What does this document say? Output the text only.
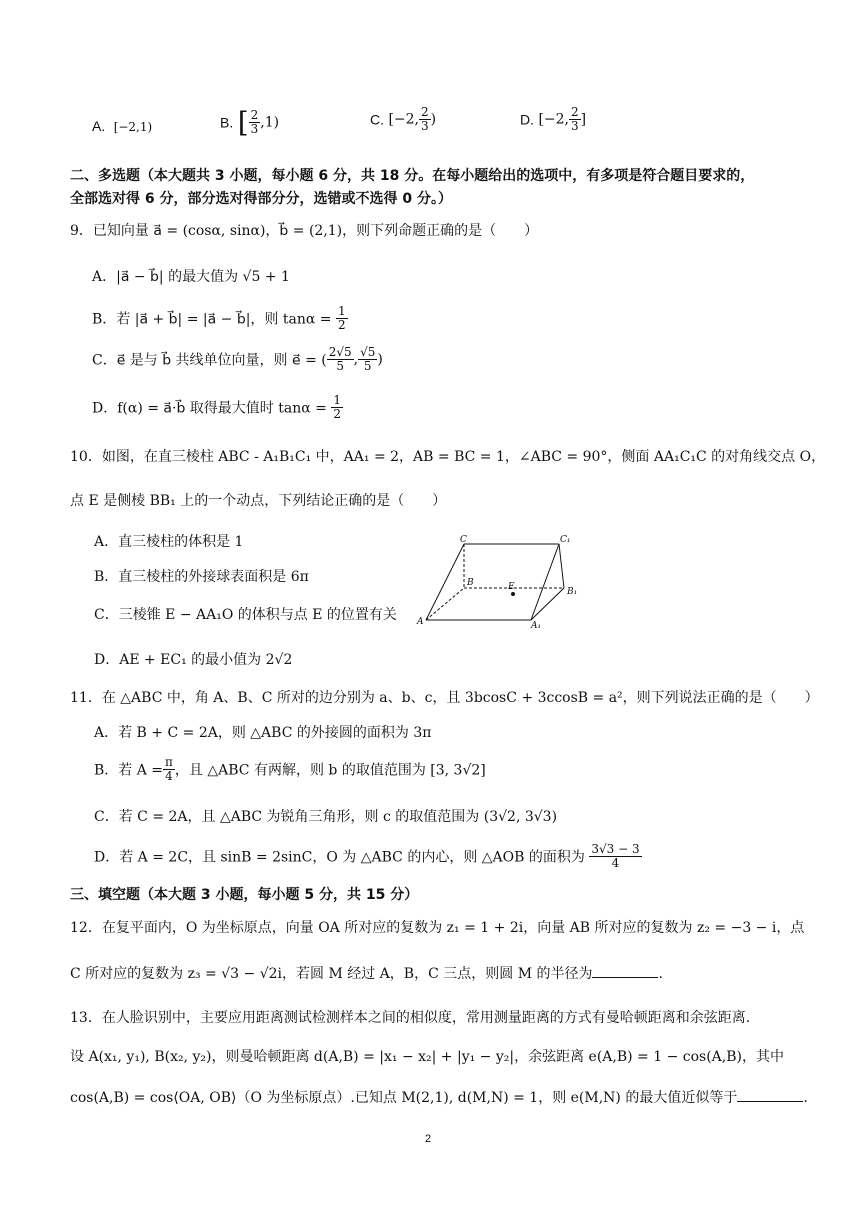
A. [−2,1)	B. [ $\frac{2}{3} ,1$)	C. [−2, $\frac{2}{3}$ )	D. [−2, $\frac{2}{3}$ ]
二、多选题（本大题共 3 小题，每小题 6 分，共 18 分。在每小题给出的选项中，有多项是符合题目要求的，
全部选对得 6 分，部分选对得部分分，选错或不选得 0 分。）
9．已知向量 a⃗ = (cosα, sinα)，b⃗ = (2,1)，则下列命题正确的是（　　）
A．|a⃗ − b⃗| 的最大值为 √5 + 1
B．若 |a⃗ + b⃗| = |a⃗ − b⃗|，则 $\tan\alpha = \frac{1}{2}$
C．e⃗ 是与 b⃗ 共线单位向量，则 e⃗ = ( $\frac{2√5}{5}$ , $\frac{√5}{5}$ )
D．f(α) = a⃗·b⃗ 取得最大值时 $\tan\alpha = \frac{1}{2}$
10．如图，在直三棱柱 ABC - A₁B₁C₁ 中，AA₁ = 2，AB = BC = 1，∠ABC = 90°，侧面 AA₁C₁C 的对角线交点 O，
点 E 是侧棱 BB₁ 上的一个动点，下列结论正确的是（　　）
A．直三棱柱的体积是 1
B．直三棱柱的外接球表面积是 6π
C．三棱锥 E − AA₁O 的体积与点 E 的位置有关
D．AE + EC₁ 的最小值为 2√2
C	C₁
B	E	B₁
A	A₁
11．在 △ABC 中，角 A、B、C 所对的边分别为 a、b、c，且 3bcosC + 3ccosB = a²，则下列说法正确的是（　　）
A．若 B + C = 2A，则 △ABC 的外接圆的面积为 3π
B．若 $A = \frac{\pi}{4}$ ，且 △ABC 有两解，则 b 的取值范围为 [3, 3√2]
C．若 C = 2A，且 △ABC 为锐角三角形，则 c 的取值范围为 (3√2, 3√3)
D．若 A = 2C，且 sinB = 2sinC，O 为 △ABC 的内心，则 △AOB 的面积为 $\frac{3√3 - 3}{4}$
三、填空题（本大题 3 小题，每小题 5 分，共 15 分）
12．在复平面内，O 为坐标原点，向量 OA 所对应的复数为 z₁ = 1 + 2i，向量 AB 所对应的复数为 z₂ = −3 − i，点
C 所对应的复数为 z₃ = √3 − √2i，若圆 M 经过 A，B，C 三点，则圆 M 的半径为	.
13．在人脸识别中，主要应用距离测试检测样本之间的相似度，常用测量距离的方式有曼哈顿距离和余弦距离.
设 A(x₁, y₁), B(x₂, y₂)，则曼哈顿距离 d(A,B) = |x₁ − x₂| + |y₁ − y₂|，余弦距离 e(A,B) = 1 − cos(A,B)，其中
cos(A,B) = cos⟨OA, OB⟩（O 为坐标原点）.已知点 M(2,1), d(M,N) = 1，则 e(M,N) 的最大值近似等于	.
2
